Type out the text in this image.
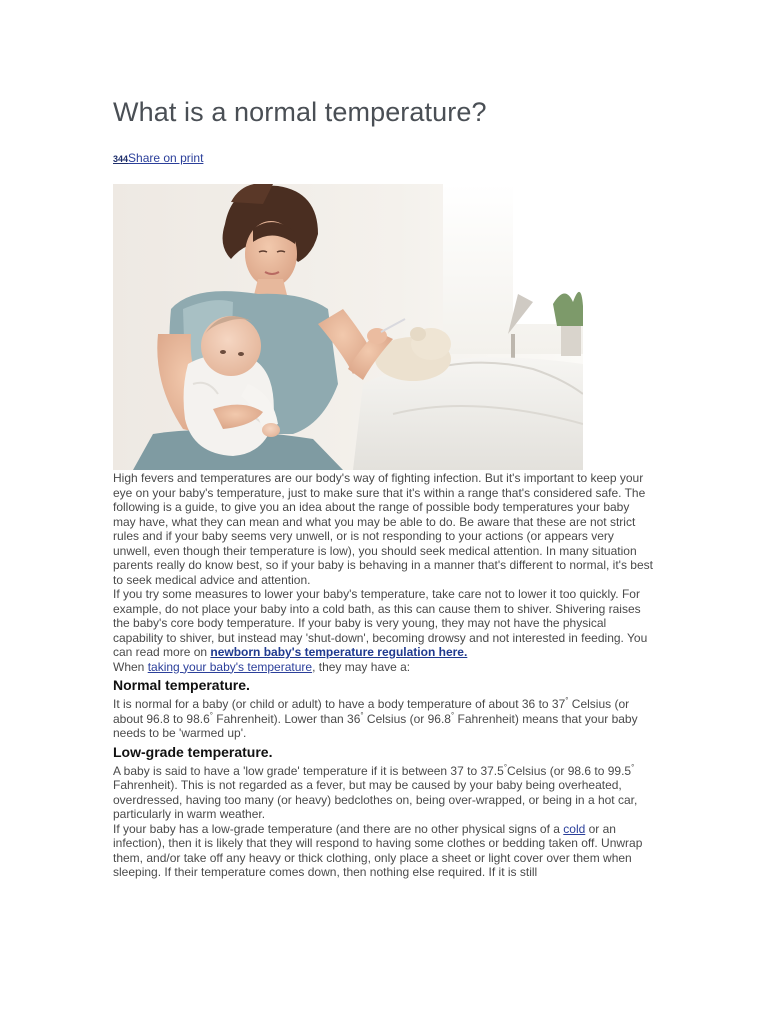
What is a normal temperature?
344Share on print

High fevers and temperatures are our body's way of fighting infection. But it's important to keep your eye on your baby's temperature, just to make sure that it's within a range that's considered safe. The following is a guide, to give you an idea about the range of possible body temperatures your baby may have, what they can mean and what you may be able to do. Be aware that these are not strict rules and if your baby seems very unwell, or is not responding to your actions (or appears very unwell, even though their temperature is low), you should seek medical attention. In many situation parents really do know best, so if your baby is behaving in a manner that's different to normal, it's best to seek medical advice and attention.

If you try some measures to lower your baby's temperature, take care not to lower it too quickly. For example, do not place your baby into a cold bath, as this can cause them to shiver. Shivering raises the baby's core body temperature. If your baby is very young, they may not have the physical capability to shiver, but instead may 'shut-down', becoming drowsy and not interested in feeding. You can read more on newborn baby's temperature regulation here.

When taking your baby's temperature, they may have a:

Normal temperature.

It is normal for a baby (or child or adult) to have a body temperature of about 36 to 37° Celsius (or about 96.8 to 98.6° Fahrenheit). Lower than 36° Celsius (or 96.8° Fahrenheit) means that your baby needs to be 'warmed up'.

Low-grade temperature.

A baby is said to have a 'low grade' temperature if it is between 37 to 37.5°Celsius (or 98.6 to 99.5° Fahrenheit). This is not regarded as a fever, but may be caused by your baby being overheated, overdressed, having too many (or heavy) bedclothes on, being over-wrapped, or being in a hot car, particularly in warm weather.

If your baby has a low-grade temperature (and there are no other physical signs of a cold or an infection), then it is likely that they will respond to having some clothes or bedding taken off. Unwrap them, and/or take off any heavy or thick clothing, only place a sheet or light cover over them when sleeping. If their temperature comes down, then nothing else required. If it is still
